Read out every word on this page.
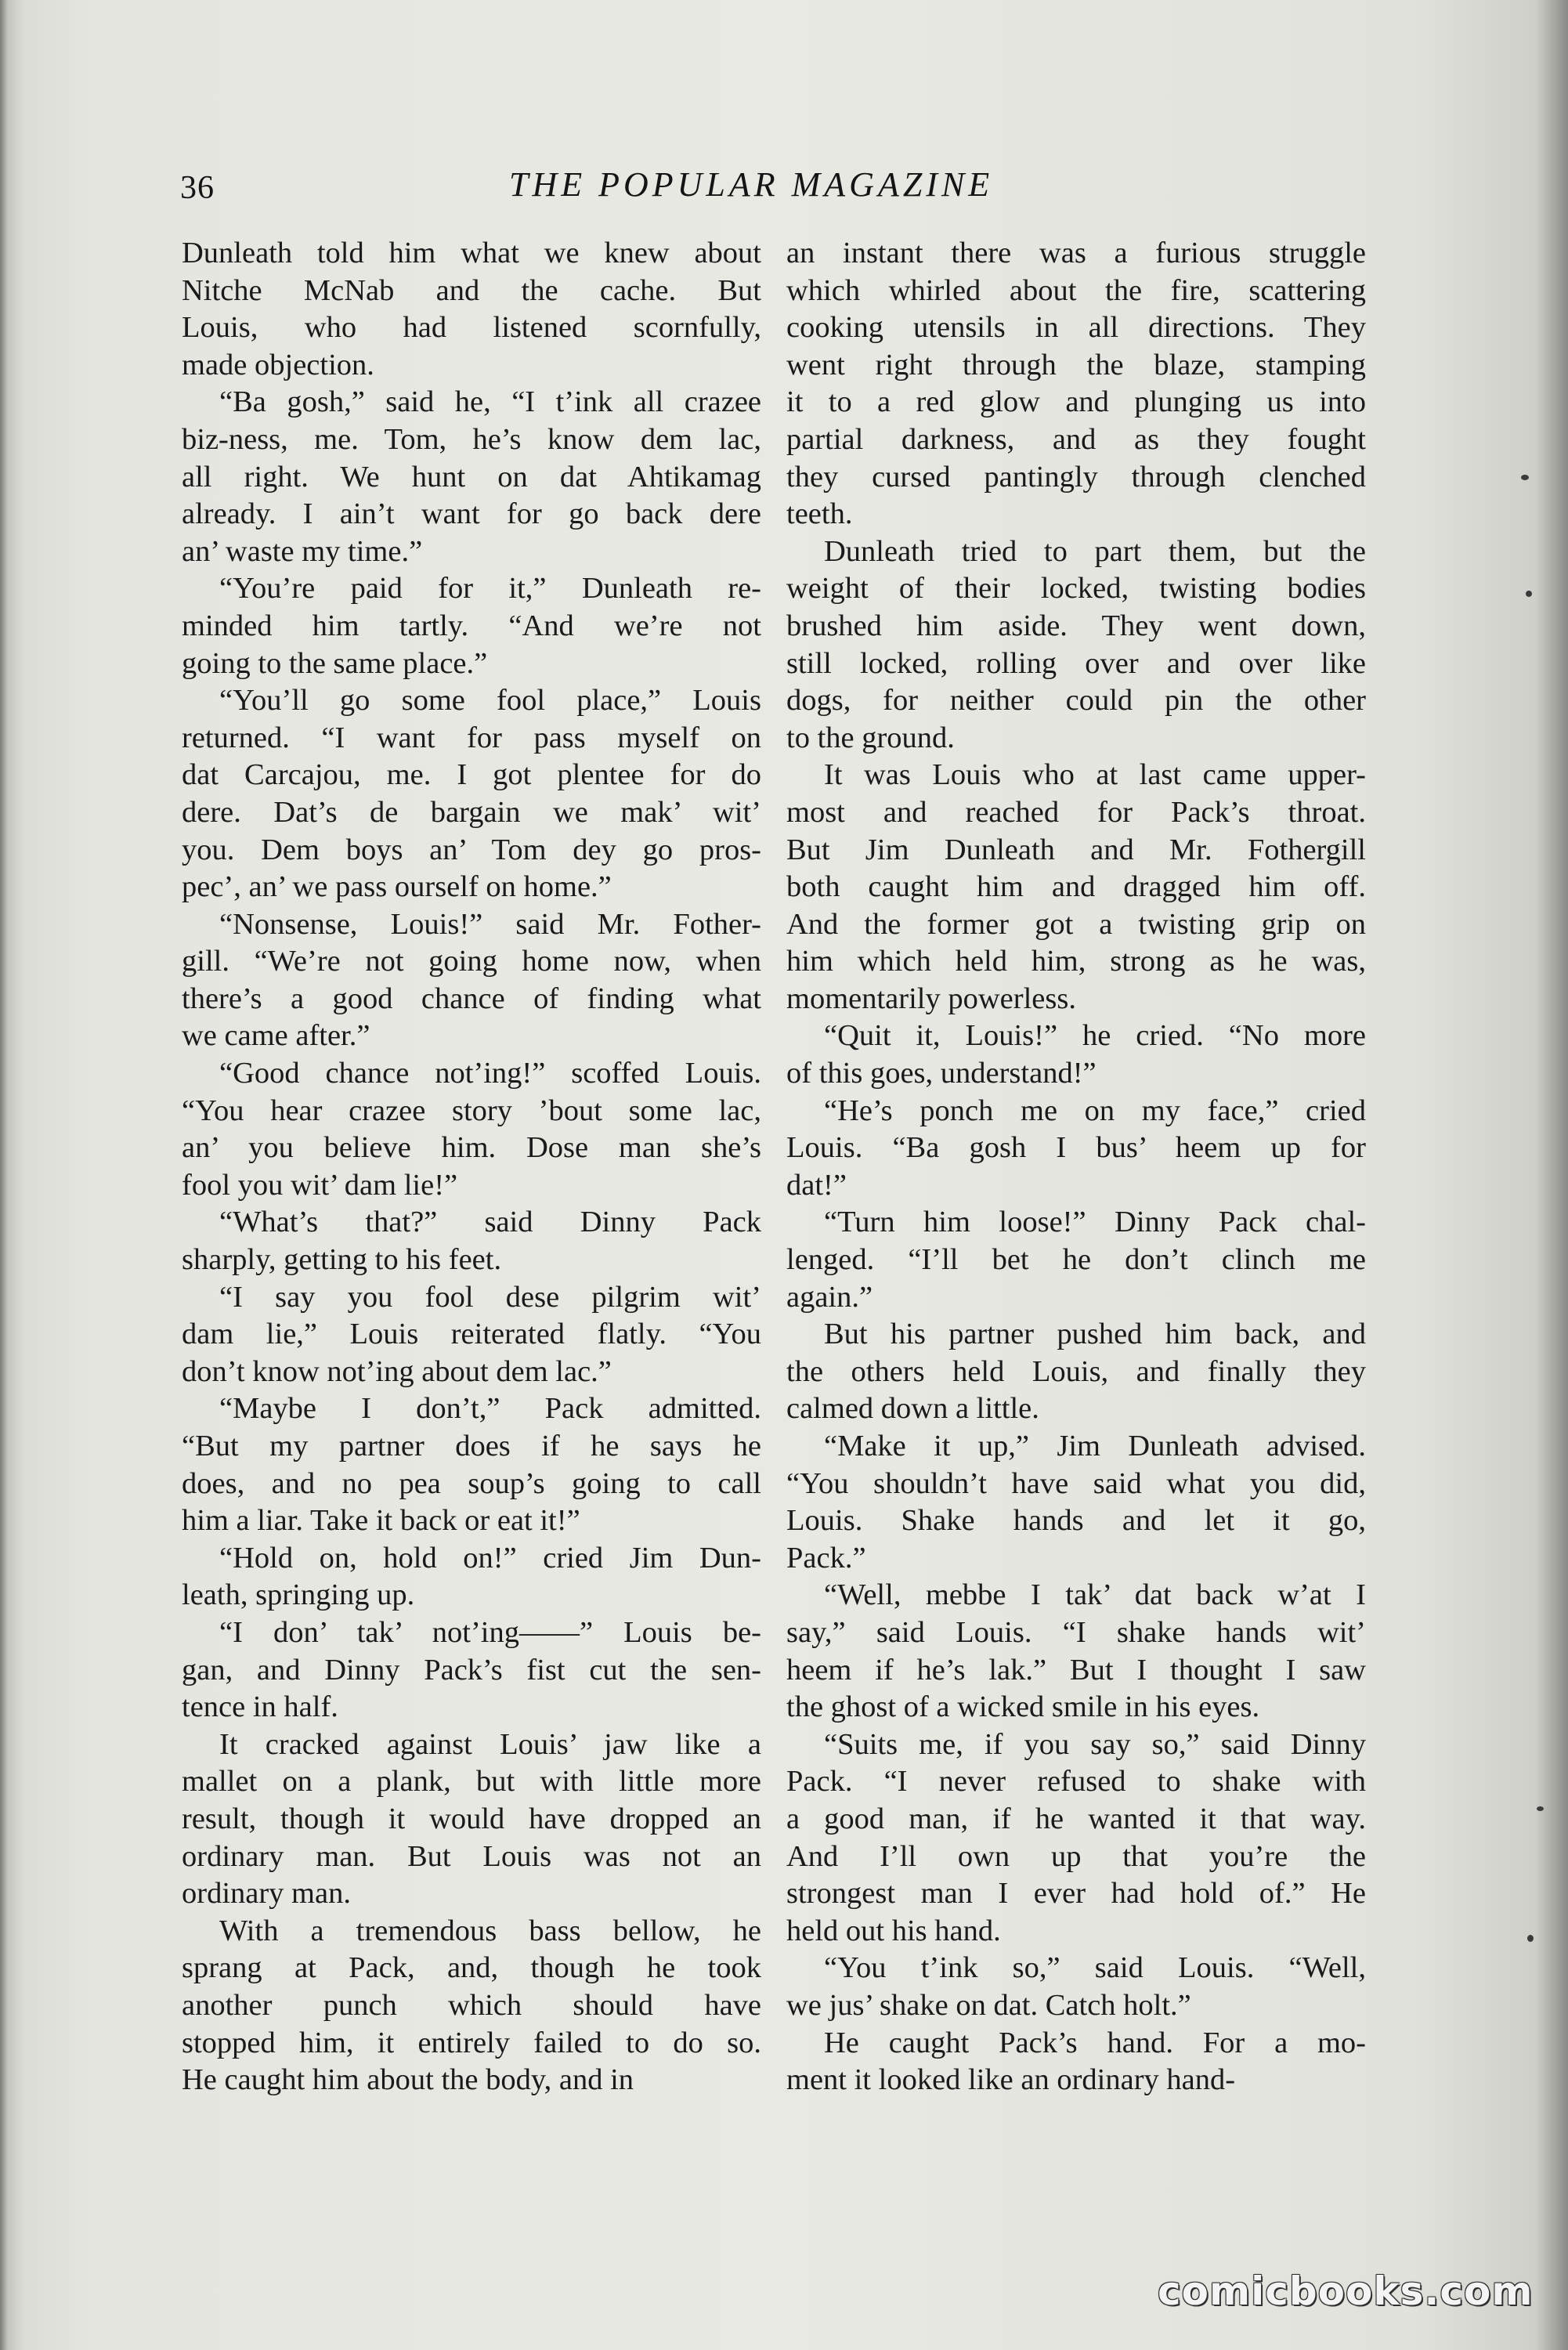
36	THE POPULAR MAGAZINE
Dunleath told him what we knew about
Nitche McNab and the cache. But
Louis, who had listened scornfully,
made objection.
“Ba gosh,” said he, “I t’ink all crazee
biz-ness, me. Tom, he’s know dem lac,
all right. We hunt on dat Ahtikamag
already. I ain’t want for go back dere
an’ waste my time.”
“You’re paid for it,” Dunleath re-
minded him tartly. “And we’re not
going to the same place.”
“You’ll go some fool place,” Louis
returned. “I want for pass myself on
dat Carcajou, me. I got plentee for do
dere. Dat’s de bargain we mak’ wit’
you. Dem boys an’ Tom dey go pros-
pec’, an’ we pass ourself on home.”
“Nonsense, Louis!” said Mr. Fother-
gill. “We’re not going home now, when
there’s a good chance of finding what
we came after.”
“Good chance not’ing!” scoffed Louis.
“You hear crazee story ’bout some lac,
an’ you believe him. Dose man she’s
fool you wit’ dam lie!”
“What’s that?” said Dinny Pack
sharply, getting to his feet.
“I say you fool dese pilgrim wit’
dam lie,” Louis reiterated flatly. “You
don’t know not’ing about dem lac.”
“Maybe I don’t,” Pack admitted.
“But my partner does if he says he
does, and no pea soup’s going to call
him a liar. Take it back or eat it!”
“Hold on, hold on!” cried Jim Dun-
leath, springing up.
“I don’ tak’ not’ing——” Louis be-
gan, and Dinny Pack’s fist cut the sen-
tence in half.
It cracked against Louis’ jaw like a
mallet on a plank, but with little more
result, though it would have dropped an
ordinary man. But Louis was not an
ordinary man.
With a tremendous bass bellow, he
sprang at Pack, and, though he took
another punch which should have
stopped him, it entirely failed to do so.
He caught him about the body, and in
an instant there was a furious struggle
which whirled about the fire, scattering
cooking utensils in all directions. They
went right through the blaze, stamping
it to a red glow and plunging us into
partial darkness, and as they fought
they cursed pantingly through clenched
teeth.
Dunleath tried to part them, but the
weight of their locked, twisting bodies
brushed him aside. They went down,
still locked, rolling over and over like
dogs, for neither could pin the other
to the ground.
It was Louis who at last came upper-
most and reached for Pack’s throat.
But Jim Dunleath and Mr. Fothergill
both caught him and dragged him off.
And the former got a twisting grip on
him which held him, strong as he was,
momentarily powerless.
“Quit it, Louis!” he cried. “No more
of this goes, understand!”
“He’s ponch me on my face,” cried
Louis. “Ba gosh I bus’ heem up for
dat!”
“Turn him loose!” Dinny Pack chal-
lenged. “I’ll bet he don’t clinch me
again.”
But his partner pushed him back, and
the others held Louis, and finally they
calmed down a little.
“Make it up,” Jim Dunleath advised.
“You shouldn’t have said what you did,
Louis. Shake hands and let it go,
Pack.”
“Well, mebbe I tak’ dat back w’at I
say,” said Louis. “I shake hands wit’
heem if he’s lak.” But I thought I saw
the ghost of a wicked smile in his eyes.
“Suits me, if you say so,” said Dinny
Pack. “I never refused to shake with
a good man, if he wanted it that way.
And I’ll own up that you’re the
strongest man I ever had hold of.” He
held out his hand.
“You t’ink so,” said Louis. “Well,
we jus’ shake on dat. Catch holt.”
He caught Pack’s hand. For a mo-
ment it looked like an ordinary hand-
comicbooks.com
